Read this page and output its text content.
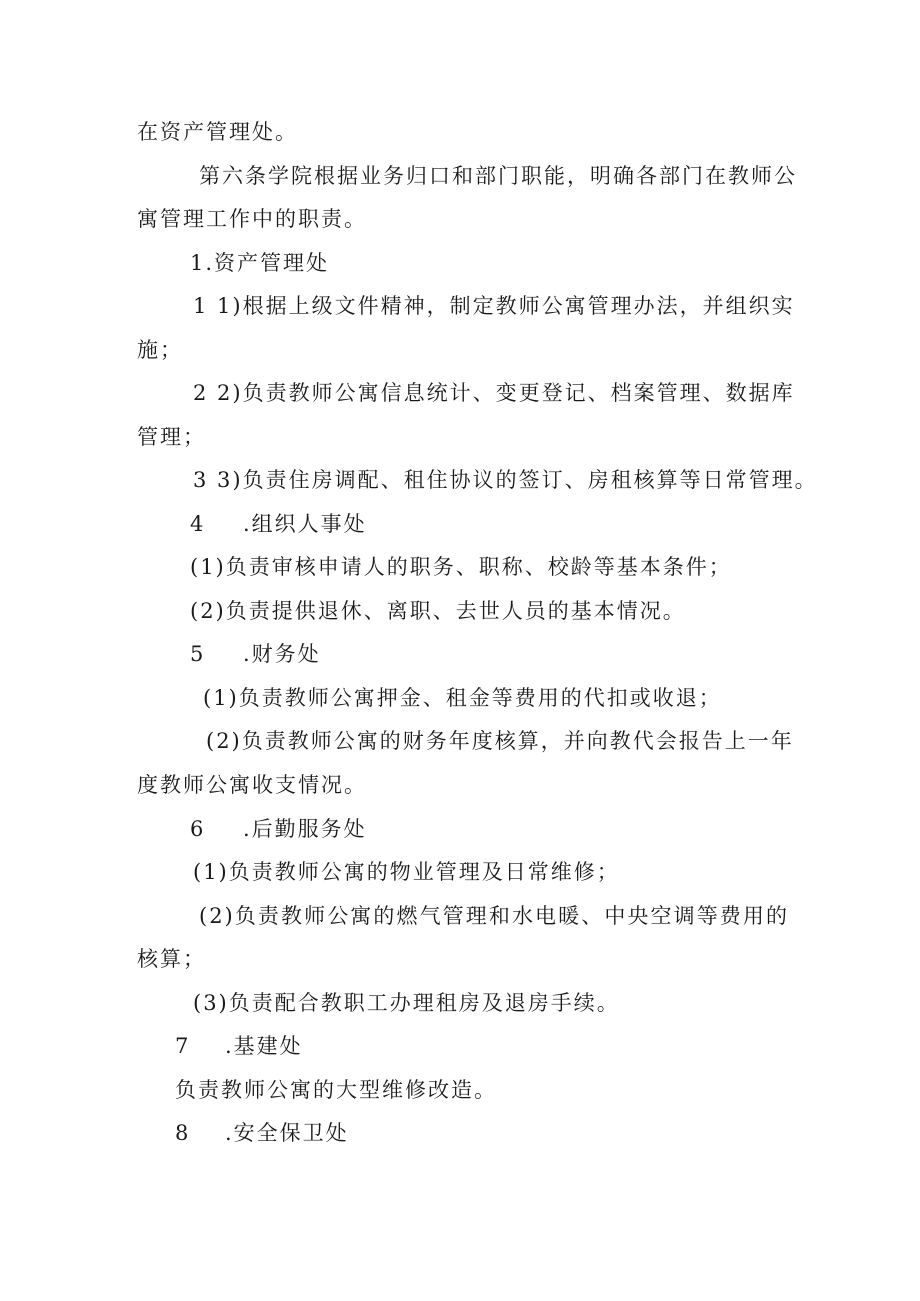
在资产管理处。
第六条学院根据业务归口和部门职能，明确各部门在教师公
寓管理工作中的职责。
1.资产管理处
1 1)根据上级文件精神，制定教师公寓管理办法，并组织实
施；
2 2)负责教师公寓信息统计、变更登记、档案管理、数据库
管理；
3 3)负责住房调配、租住协议的签订、房租核算等日常管理。
4 .组织人事处
(1)负责审核申请人的职务、职称、校龄等基本条件；
(2)负责提供退休、离职、去世人员的基本情况。
5 .财务处
(1)负责教师公寓押金、租金等费用的代扣或收退；
(2)负责教师公寓的财务年度核算，并向教代会报告上一年
度教师公寓收支情况。
6 .后勤服务处
(1)负责教师公寓的物业管理及日常维修；
(2)负责教师公寓的燃气管理和水电暖、中央空调等费用的
核算；
(3)负责配合教职工办理租房及退房手续。
7 .基建处
负责教师公寓的大型维修改造。
8 .安全保卫处
